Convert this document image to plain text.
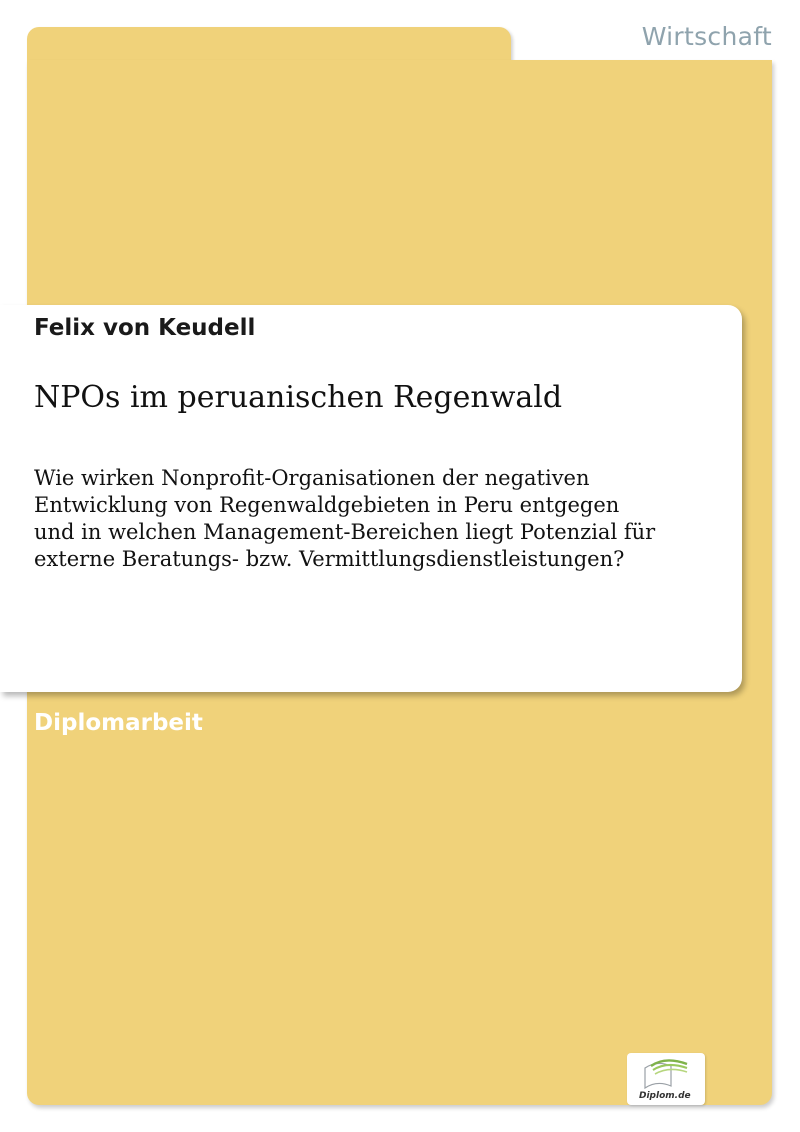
Wirtschaft
Felix von Keudell
NPOs im peruanischen Regenwald
Wie wirken Nonprofit-Organisationen der negativen
Entwicklung von Regenwaldgebieten in Peru entgegen
und in welchen Management-Bereichen liegt Potenzial für
externe Beratungs- bzw. Vermittlungsdienstleistungen?
Diplomarbeit
Diplom.de
